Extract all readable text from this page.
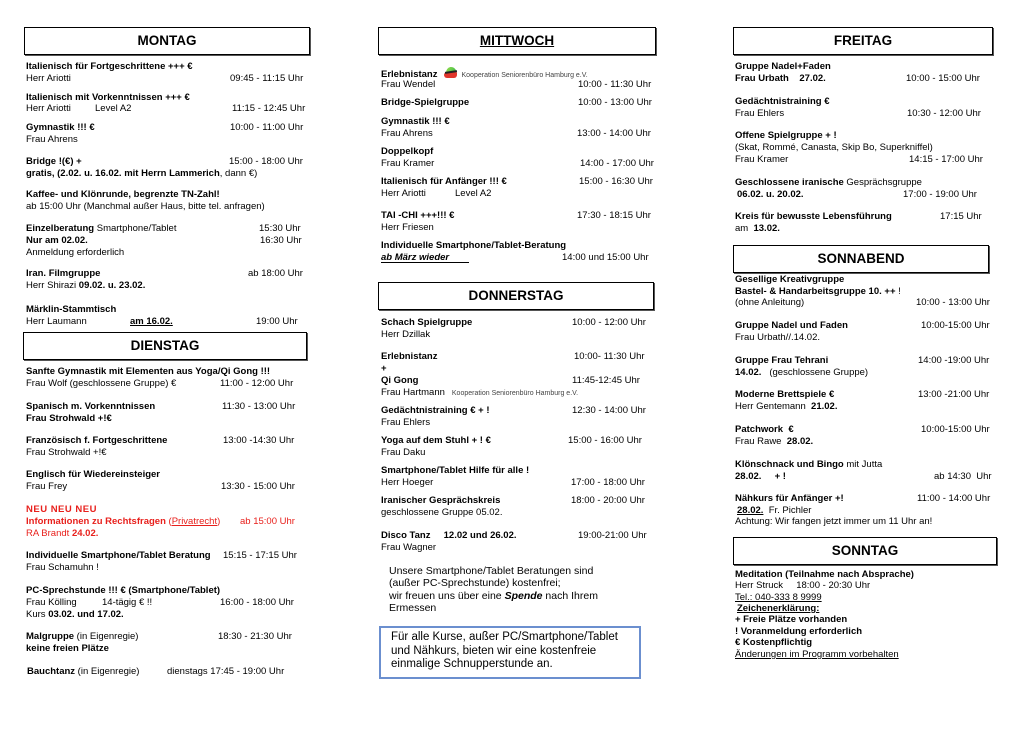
MONTAG
Italienisch für Fortgeschrittene +++ €
Herr Ariotti	09:45 - 11:15 Uhr
Italienisch mit Vorkenntnissen +++ €
Herr Ariotti	Level A2	11:15 - 12:45 Uhr
Gymnastik !!! €	10:00 - 11:00 Uhr
Frau Ahrens
Bridge !(€) +	15:00 - 18:00 Uhr
gratis, (2.02. u. 16.02. mit Herrn Lammerich, dann €)
Kaffee- und Klönrunde, begrenzte TN-Zahl!
ab 15:00 Uhr (Manchmal außer Haus, bitte tel. anfragen)
Einzelberatung Smartphone/Tablet	15:30 Uhr
Nur am 02.02.	16:30 Uhr
Anmeldung erforderlich
Iran. Filmgruppe	ab 18:00 Uhr
Herr Shirazi 09.02. u. 23.02.
Märklin-Stammtisch
Herr Laumann	am 16.02.	19:00 Uhr
DIENSTAG
Sanfte Gymnastik mit Elementen aus Yoga/Qi Gong !!!
Frau Wolf (geschlossene Gruppe) €	11:00 - 12:00 Uhr
Spanisch m. Vorkenntnissen	11:30 - 13:00 Uhr
Frau Strohwald +!€
Französisch f. Fortgeschrittene	13:00 -14:30 Uhr
Frau Strohwald +!€
Englisch für Wiedereinsteiger
Frau Frey	13:30 - 15:00 Uhr
NEU NEU NEU
Informationen zu Rechtsfragen (Privatrecht) ab 15:00 Uhr
RA Brandt 24.02.
Individuelle Smartphone/Tablet Beratung 15:15 - 17:15 Uhr
Frau Schamuhn !
PC-Sprechstunde !!! € (Smartphone/Tablet)
Frau Kölling	14-tägig € !!	16:00 - 18:00 Uhr
Kurs 03.02. und 17.02.
Malgruppe (in Eigenregie)	18:30 - 21:30 Uhr
keine freien Plätze
Bauchtanz (in Eigenregie)	dienstags 17:45 - 19:00 Uhr
MITTWOCH
Erlebnistanz	Kooperation Seniorenbüro Hamburg e.V.
Frau Wendel	10:00 - 11:30 Uhr
Bridge-Spielgruppe	10:00 - 13:00 Uhr
Gymnastik !!! €
Frau Ahrens	13:00 - 14:00 Uhr
Doppelkopf
Frau Kramer	14:00 - 17:00 Uhr
Italienisch für Anfänger !!! €	15:00 - 16:30 Uhr
Herr Ariotti	Level A2
TAI -CHI +++!!! €	17:30 - 18:15 Uhr
Herr Friesen
Individuelle Smartphone/Tablet-Beratung
ab März wieder	14:00 und 15:00 Uhr
DONNERSTAG
Schach Spielgruppe	10:00 - 12:00 Uhr
Herr Dzillak
Erlebnistanz	10:00- 11:30 Uhr
+
Qi Gong	11:45-12:45 Uhr
Frau Hartmann Kooperation Seniorenbüro Hamburg e.V.
Gedächtnistraining € + !	12:30 - 14:00 Uhr
Frau Ehlers
Yoga auf dem Stuhl + ! €	15:00 - 16:00 Uhr
Frau Daku
Smartphone/Tablet Hilfe für alle !
Herr Hoeger	17:00 - 18:00 Uhr
Iranischer Gesprächskreis	18:00 - 20:00 Uhr
geschlossene Gruppe 05.02.
Disco Tanz     12.02 und 26.02.	19:00-21:00 Uhr
Frau Wagner
Unsere Smartphone/Tablet Beratungen sind
(außer PC-Sprechstunde) kostenfrei;
wir freuen uns über eine Spende nach Ihrem
Ermessen
Für alle Kurse, außer PC/Smartphone/Tablet
und Nähkurs, bieten wir eine kostenfreie
einmalige Schnupperstunde an.
FREITAG
Gruppe Nadel+Faden
Frau Urbath    27.02.	10:00 - 15:00 Uhr
Gedächtnistraining €
Frau Ehlers	10:30 - 12:00 Uhr
Offene Spielgruppe + !
(Skat, Rommé, Canasta, Skip Bo, Superkniffel)
Frau Kramer	14:15 - 17:00 Uhr
Geschlossene iranische Gesprächsgruppe
06.02. u. 20.02.	17:00 - 19:00 Uhr
Kreis für bewusste Lebensführung	17:15 Uhr
am  13.02.
SONNABEND
Gesellige Kreativgruppe
Bastel- & Handarbeitsgruppe 10. ++ !
(ohne Anleitung)	10:00 - 13:00 Uhr
Gruppe Nadel und Faden	10:00-15:00 Uhr
Frau Urbath//.14.02.
Gruppe Frau Tehrani	14:00 -19:00 Uhr
14.02.   (geschlossene Gruppe)
Moderne Brettspiele €	13:00 -21:00 Uhr
Herr Gentemann  21.02.
Patchwork  €	10:00-15:00 Uhr
Frau Rawe  28.02.
Klönschnack und Bingo mit Jutta
28.02.     + !	ab 14:30  Uhr
Nähkurs für Anfänger +!	11:00 - 14:00 Uhr
28.02.  Fr. Pichler
Achtung: Wir fangen jetzt immer um 11 Uhr an!
SONNTAG
Meditation (Teilnahme nach Absprache)
Herr Struck     18:00 - 20:30 Uhr
Tel.: 040-333 8 9999
Zeichenerklärung:
+ Freie Plätze vorhanden
! Voranmeldung erforderlich
€ Kostenpflichtig
Änderungen im Programm vorbehalten
